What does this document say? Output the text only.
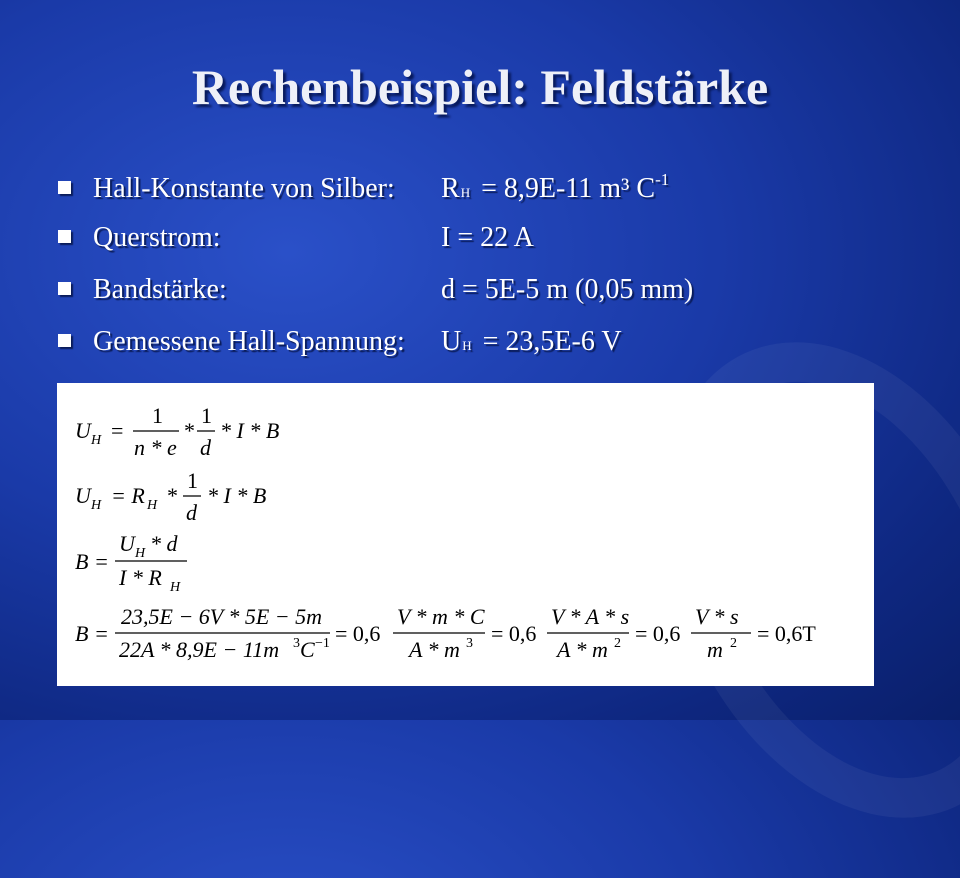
Rechenbeispiel: Feldstärke
Hall-Konstante von Silber:	RH = 8,9E-11 m³ $C^{-1}$
Querstrom:	I = 22 A
Bandstärke:	d = 5E-5 m (0,05 mm)
Gemessene Hall-Spannung:	UH = 23,5E-6 V
U H =
1
n * e
*
1
d
* I * B
U H = R H *
1
d
* I * B
B =
U H * d
I * R H
B =
23,5E − 6V * 5E − 5m
22A * 8,9E − 11m 3 C −1 = 0,6
V * m * C
A * m 3 = 0,6
V * A * s
A * m 2 = 0,6
V * s
m 2 = 0,6T
